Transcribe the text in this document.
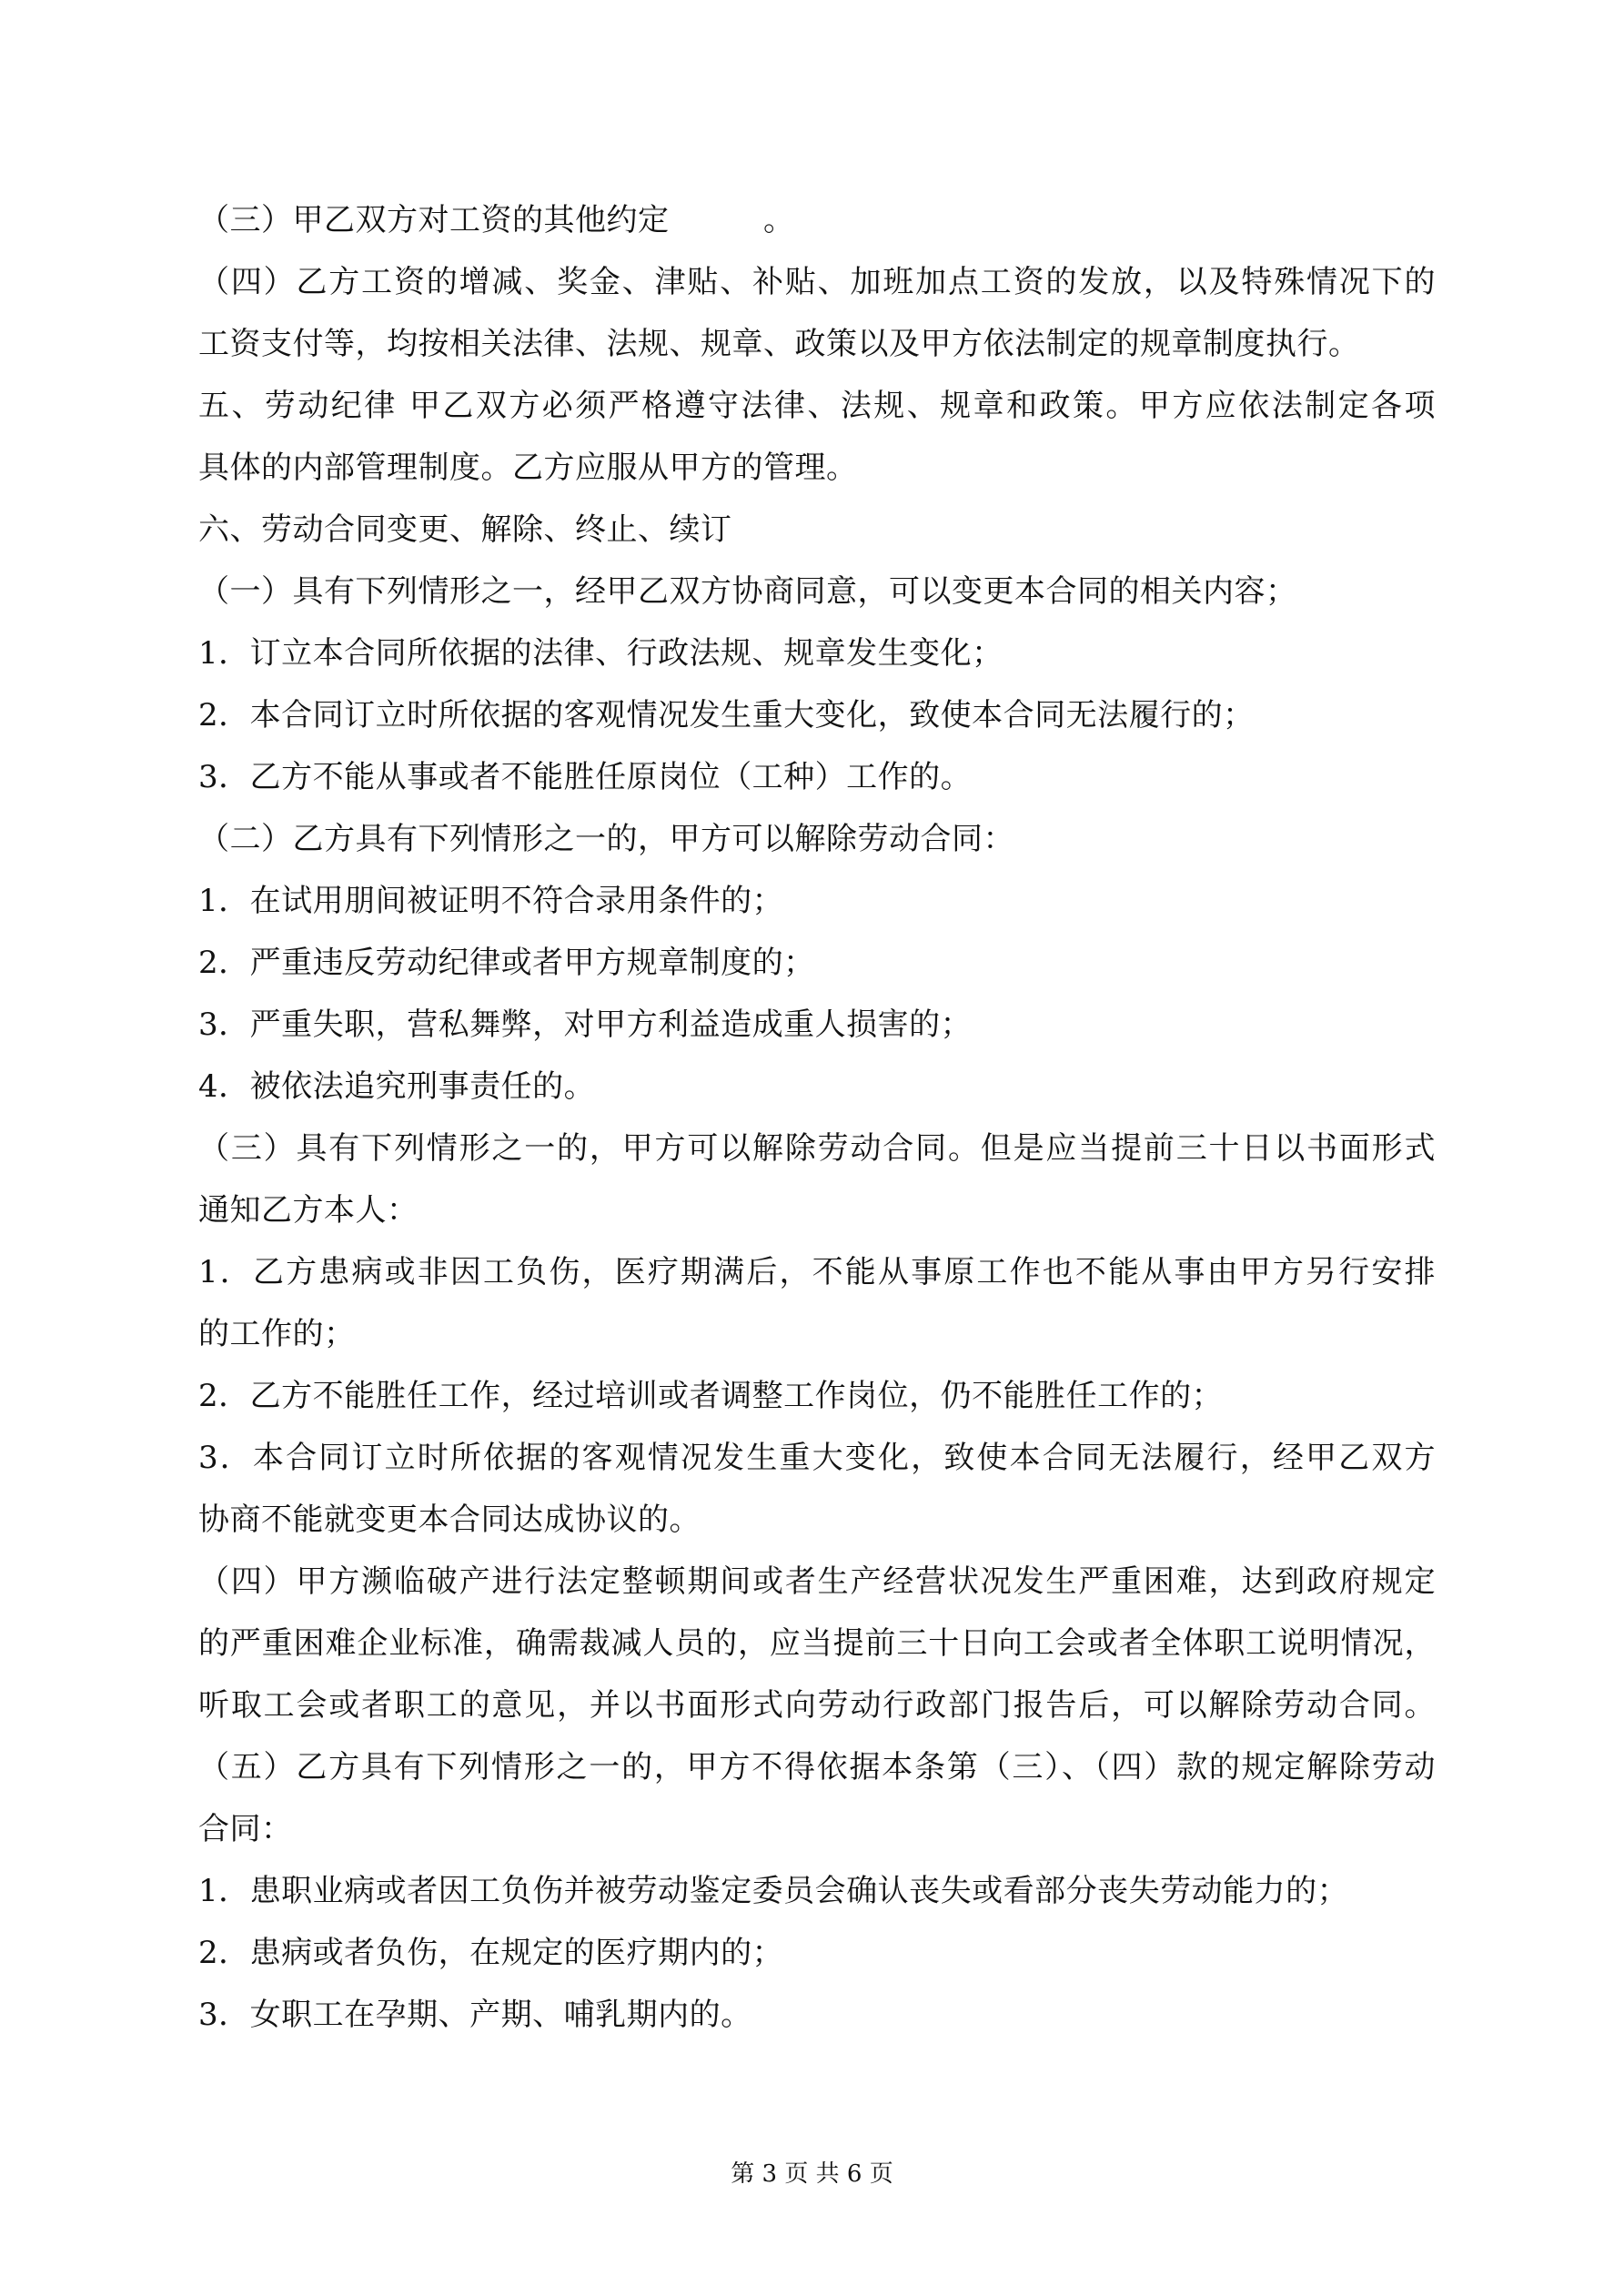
（三）甲乙双方对工资的其他约定　　　。
（四）乙方工资的增减、奖金、津贴、补贴、加班加点工资的发放，以及特殊情况下的
工资支付等，均按相关法律、法规、规章、政策以及甲方依法制定的规章制度执行。
五、劳动纪律 甲乙双方必须严格遵守法律、法规、规章和政策。甲方应依法制定各项
具体的内部管理制度。乙方应服从甲方的管理。
六、劳动合同变更、解除、终止、续订
（一）具有下列情形之一，经甲乙双方协商同意，可以变更本合同的相关内容；
1．订立本合同所依据的法律、行政法规、规章发生变化；
2．本合同订立时所依据的客观情况发生重大变化，致使本合同无法履行的；
3．乙方不能从事或者不能胜任原岗位（工种）工作的。
（二）乙方具有下列情形之一的，甲方可以解除劳动合同：
1．在试用朋间被证明不符合录用条件的；
2．严重违反劳动纪律或者甲方规章制度的；
3．严重失职，营私舞弊，对甲方利益造成重人损害的；
4．被依法追究刑事责任的。
（三）具有下列情形之一的，甲方可以解除劳动合同。但是应当提前三十日以书面形式
通知乙方本人：
1．乙方患病或非因工负伤，医疗期满后，不能从事原工作也不能从事由甲方另行安排
的工作的；
2．乙方不能胜任工作，经过培训或者调整工作岗位，仍不能胜任工作的；
3．本合同订立时所依据的客观情况发生重大变化，致使本合同无法履行，经甲乙双方
协商不能就变更本合同达成协议的。
（四）甲方濒临破产进行法定整顿期间或者生产经营状况发生严重困难，达到政府规定
的严重困难企业标准，确需裁减人员的，应当提前三十日向工会或者全体职工说明情况，
听取工会或者职工的意见，并以书面形式向劳动行政部门报告后，可以解除劳动合同。
（五）乙方具有下列情形之一的，甲方不得依据本条第（三）、（四）款的规定解除劳动
合同：
1．患职业病或者因工负伤并被劳动鉴定委员会确认丧失或看部分丧失劳动能力的；
2．患病或者负伤，在规定的医疗期内的；
3．女职工在孕期、产期、哺乳期内的。
第 3 页 共 6 页
